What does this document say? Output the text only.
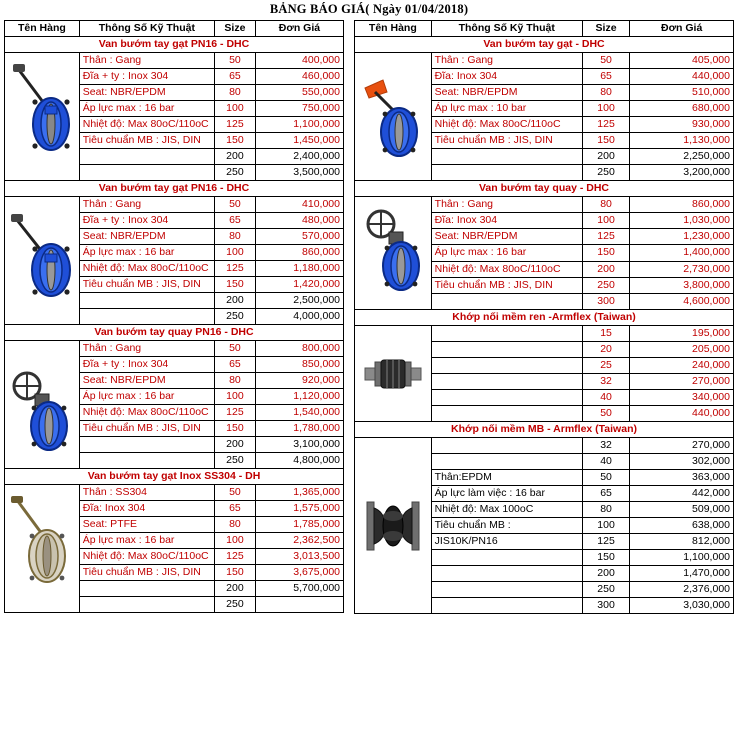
BẢNG BÁO GIÁ( Ngày 01/04/2018)
Tên Hàng	Thông Số Kỹ Thuật	Size	Đơn Giá
Van bướm tay gạt PN16 - DHC

	Thân : Gang	50	400,000
Đĩa + ty : Inox 304	65	460,000
Seat: NBR/EPDM	80	550,000
Áp lực max : 16 bar	100	750,000
Nhiệt độ: Max 80oC/110oC	125	1,100,000
Tiêu chuẩn MB : JIS, DIN	150	1,450,000
	200	2,400,000
	250	3,500,000
Van bướm tay gạt PN16 - DHC

	Thân : Gang	50	410,000
Đĩa + ty : Inox 304	65	480,000
Seat: NBR/EPDM	80	570,000
Áp lực max : 16 bar	100	860,000
Nhiệt độ: Max 80oC/110oC	125	1,180,000
Tiêu chuẩn MB : JIS, DIN	150	1,420,000
	200	2,500,000
	250	4,000,000
Van bướm tay quay PN16 - DHC

	Thân : Gang	50	800,000
Đĩa + ty : Inox 304	65	850,000
Seat: NBR/EPDM	80	920,000
Áp lực max : 16 bar	100	1,120,000
Nhiệt độ: Max 80oC/110oC	125	1,540,000
Tiêu chuẩn MB : JIS, DIN	150	1,780,000
	200	3,100,000
	250	4,800,000
Van bướm tay gạt Inox SS304 - DH

	Thân : SS304	50	1,365,000
Đĩa: Inox 304	65	1,575,000
Seat: PTFE	80	1,785,000
Áp lực max : 16 bar	100	2,362,500
Nhiệt độ: Max 80oC/110oC	125	3,013,500
Tiêu chuẩn MB : JIS, DIN	150	3,675,000
	200	5,700,000
	250	

Tên Hàng	Thông Số Kỹ Thuật	Size	Đơn Giá
Van bướm tay gạt - DHC

	Thân : Gang	50	405,000
Đĩa: Inox 304	65	440,000
Seat: NBR/EPDM	80	510,000
Áp lực max : 10 bar	100	680,000
Nhiệt độ: Max 80oC/110oC	125	930,000
Tiêu chuẩn MB : JIS, DIN	150	1,130,000
	200	2,250,000
	250	3,200,000
Van bướm tay quay - DHC

	Thân : Gang	80	860,000
Đĩa: Inox 304	100	1,030,000
Seat: NBR/EPDM	125	1,230,000
Áp lực max : 16 bar	150	1,400,000
Nhiệt độ: Max 80oC/110oC	200	2,730,000
Tiêu chuẩn MB : JIS, DIN	250	3,800,000
	300	4,600,000
Khớp nối mềm ren -Armflex (Taiwan)

		15	195,000
	20	205,000
	25	240,000
	32	270,000
	40	340,000
	50	440,000
Khớp nối mềm MB - Armflex (Taiwan)

		32	270,000
	40	302,000
Thân:EPDM	50	363,000
Áp lực làm việc : 16 bar	65	442,000
Nhiệt độ: Max 100oC	80	509,000
Tiêu chuẩn MB :	100	638,000
JIS10K/PN16	125	812,000
	150	1,100,000
	200	1,470,000
	250	2,376,000
	300	3,030,000
